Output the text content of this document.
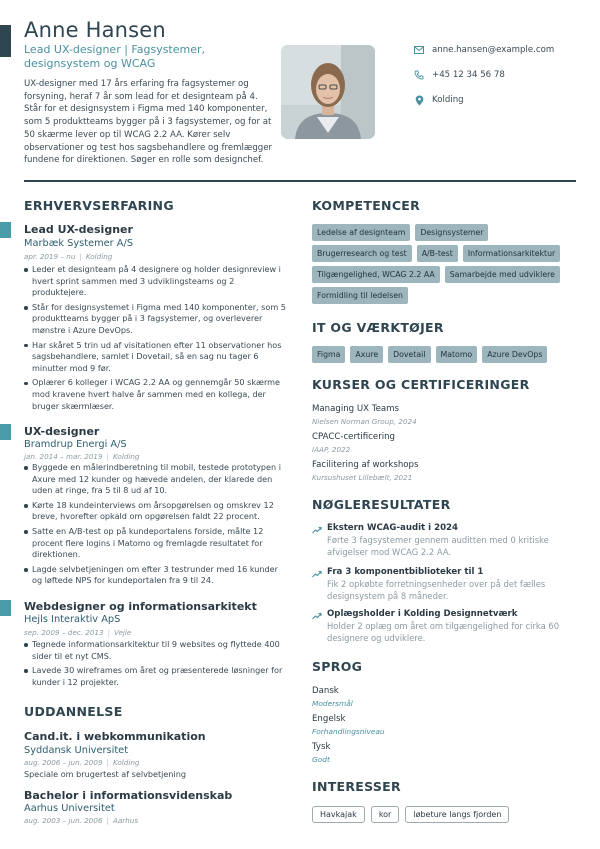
Anne Hansen
Lead UX-designer | Fagsystemer, designsystem og WCAG
UX-designer med 17 års erfaring fra fagsystemer og forsyning, heraf 7 år som lead for et designteam på 4. Står for et designsystem i Figma med 140 komponenter, som 5 produktteams bygger på i 3 fagsystemer, og for at 50 skærme lever op til WCAG 2.2 AA. Kører selv observationer og test hos sagsbehandlere og fremlægger fundene for direktionen. Søger en rolle som designchef.
anne.hansen@example.com
+45 12 34 56 78
Kolding
ERHVERVSERFARING
Lead UX-designer
Marbæk Systemer A/S
apr. 2019 – nu | Kolding
Leder et designteam på 4 designere og holder designreview i hvert sprint sammen med 3 udviklingsteams og 2 produktejere.
Står for designsystemet i Figma med 140 komponenter, som 5 produktteams bygger på i 3 fagsystemer, og overleverer mønstre i Azure DevOps.
Har skåret 5 trin ud af visitationen efter 11 observationer hos sagsbehandlere, samlet i Dovetail, så en sag nu tager 6 minutter mod 9 før.
Oplærer 6 kolleger i WCAG 2.2 AA og gennemgår 50 skærme mod kravene hvert halve år sammen med en kollega, der bruger skærmlæser.
UX-designer
Bramdrup Energi A/S
jan. 2014 – mar. 2019 | Kolding
Byggede en målerindberetning til mobil, testede prototypen i Axure med 12 kunder og hævede andelen, der klarede den uden at ringe, fra 5 til 8 ud af 10.
Kørte 18 kundeinterviews om årsopgørelsen og omskrev 12 breve, hvorefter opkald om opgørelsen faldt 22 procent.
Satte en A/B-test op på kundeportalens forside, målte 12 procent flere logins i Matomo og fremlagde resultatet for direktionen.
Lagde selvbetjeningen om efter 3 testrunder med 16 kunder og løftede NPS for kundeportalen fra 9 til 24.
Webdesigner og informationsarkitekt
Hejls Interaktiv ApS
sep. 2009 – dec. 2013 | Vejle
Tegnede informationsarkitektur til 9 websites og flyttede 400 sider til et nyt CMS.
Lavede 30 wireframes om året og præsenterede løsninger for kunder i 12 projekter.
UDDANNELSE
Cand.it. i webkommunikation
Syddansk Universitet
aug. 2006 – jun. 2009 | Kolding
Speciale om brugertest af selvbetjening
Bachelor i informationsvidenskab
Aarhus Universitet
aug. 2003 – jun. 2006 | Aarhus
KOMPETENCER
Ledelse af designteam	Designsystemer
Brugerresearch og test	A/B-test	Informationsarkitektur
Tilgængelighed, WCAG 2.2 AA	Samarbejde med udviklere
Formidling til ledelsen
IT OG VÆRKTØJER
Figma	Axure	Dovetail	Matomo	Azure DevOps
KURSER OG CERTIFICERINGER
Managing UX Teams
Nielsen Norman Group, 2024
CPACC-certificering
IAAP, 2022
Facilitering af workshops
Kursushuset Lillebælt, 2021
NØGLERESULTATER
Ekstern WCAG-audit i 2024
Førte 3 fagsystemer gennem auditten med 0 kritiske afvigelser mod WCAG 2.2 AA.
Fra 3 komponentbiblioteker til 1
Fik 2 opkøbte forretningsenheder over på det fælles designsystem på 8 måneder.
Oplægsholder i Kolding Designnetværk
Holder 2 oplæg om året om tilgængelighed for cirka 60 designere og udviklere.
SPROG
Dansk
Modersmål
Engelsk
Forhandlingsniveau
Tysk
Godt
INTERESSER
Havkajak	kor	løbeture langs fjorden
